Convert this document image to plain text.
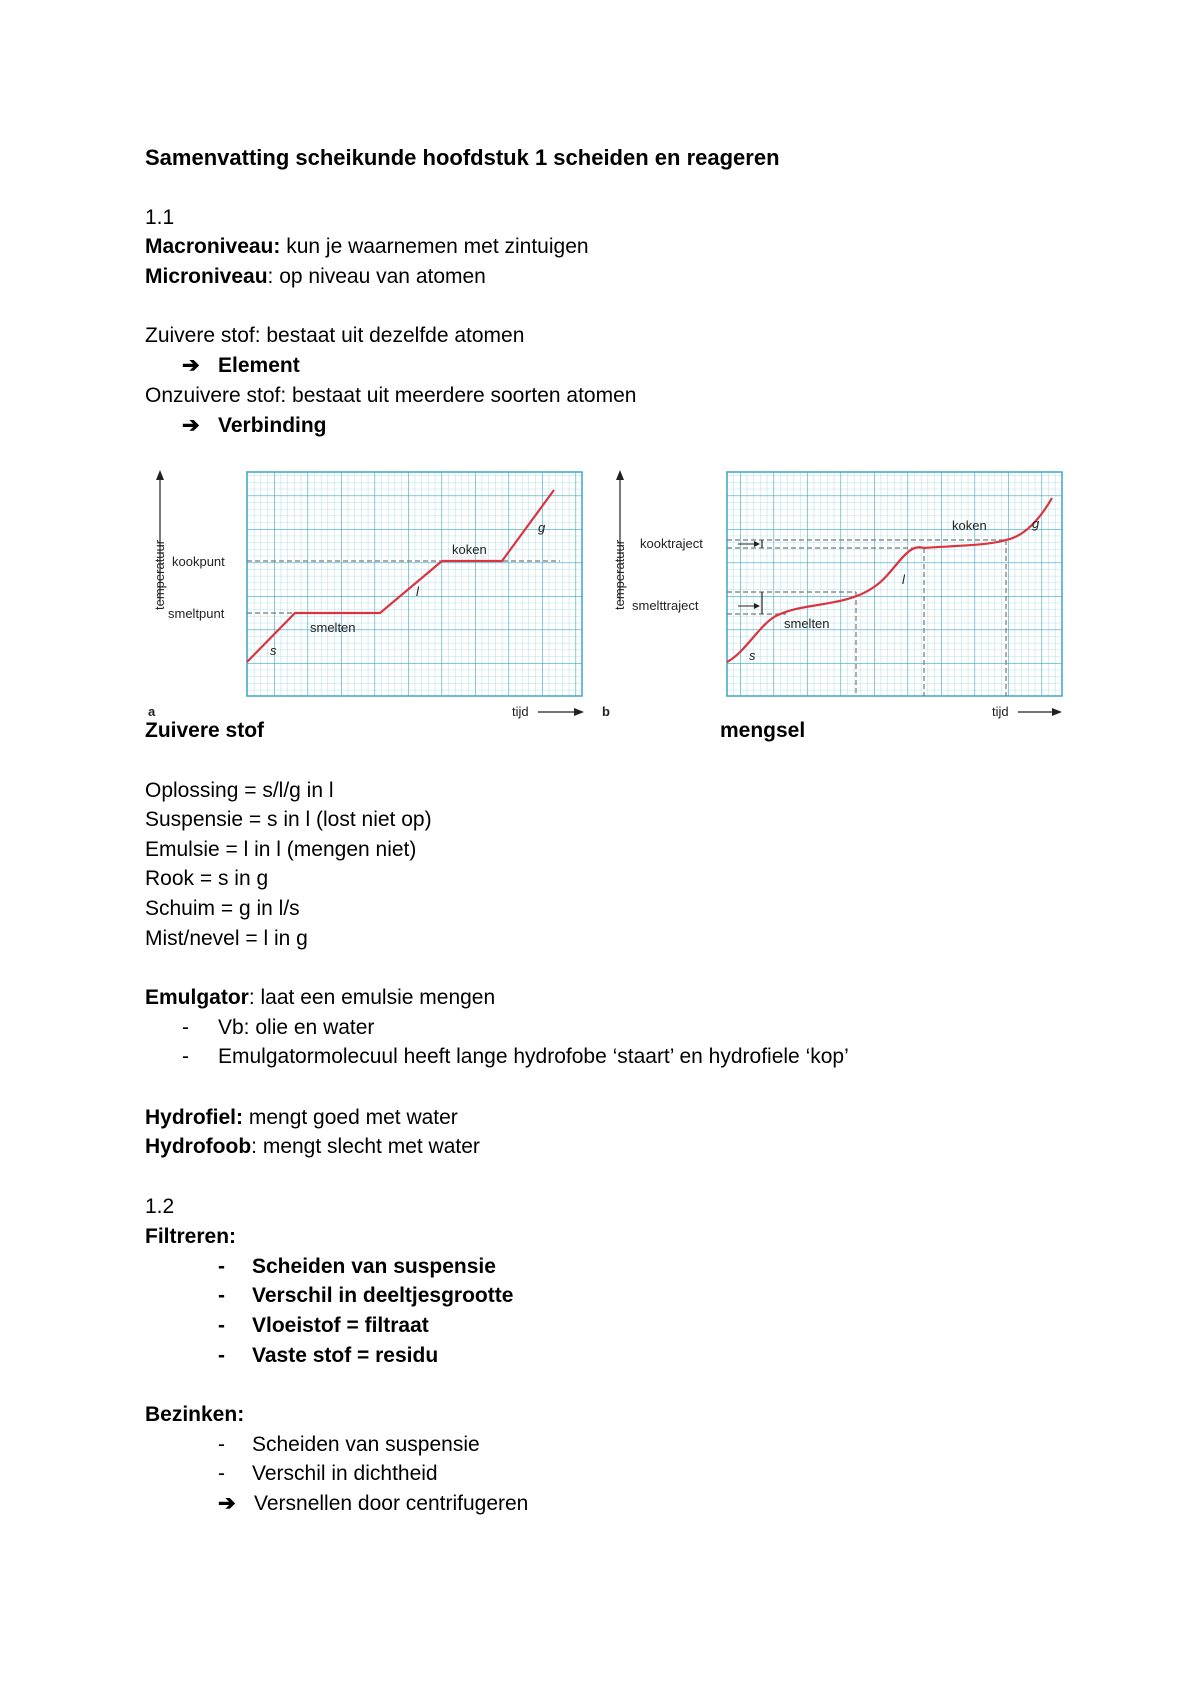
Samenvatting scheikunde hoofdstuk 1 scheiden en reageren
1.1
Macroniveau: kun je waarnemen met zintuigen
Microniveau: op niveau van atomen
Zuivere stof: bestaat uit dezelfde atomen
➔ Element
Onzuivere stof: bestaat uit meerdere soorten atomen
➔ Verbinding
temperatuur kookpunt
smeltpunt
smelten
koken
s
l
g
a	tijd
temperatuur kooktraject
smelttraject
smelten
koken
s
l
g
b	tijd
Zuivere stof	mengsel
Oplossing = s/l/g in l
Suspensie = s in l (lost niet op)
Emulsie = l in l (mengen niet)
Rook = s in g
Schuim = g in l/s
Mist/nevel = l in g
Emulgator: laat een emulsie mengen
- Vb: olie en water
- Emulgatormolecuul heeft lange hydrofobe ‘staart’ en hydrofiele ‘kop’
Hydrofiel: mengt goed met water
Hydrofoob: mengt slecht met water
1.2
Filtreren:
- Scheiden van suspensie
- Verschil in deeltjesgrootte
- Vloeistof = filtraat
- Vaste stof = residu
Bezinken:
- Scheiden van suspensie
- Verschil in dichtheid
➔ Versnellen door centrifugeren
